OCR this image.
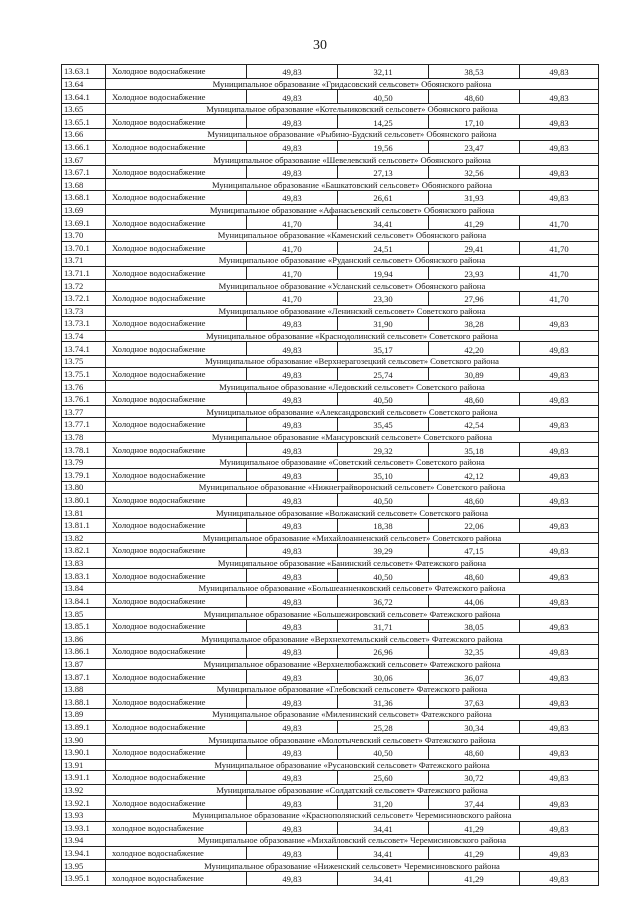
30
13.63.1	Холодное водоснабжение	49,83	32,11	38,53	49,83
13.64	Муниципальное образование «Гридасовский сельсовет» Обоянского района				
13.64.1	Холодное водоснабжение	49,83	40,50	48,60	49,83
13.65	Муниципальное образование «Котельниковский сельсовет» Обоянского района				
13.65.1	Холодное водоснабжение	49,83	14,25	17,10	49,83
13.66	Муниципальное образование «Рыбино-Будский сельсовет» Обоянского района				
13.66.1	Холодное водоснабжение	49,83	19,56	23,47	49,83
13.67	Муниципальное образование «Шевелевский сельсовет» Обоянского района				
13.67.1	Холодное водоснабжение	49,83	27,13	32,56	49,83
13.68	Муниципальное образование «Башкатовский сельсовет» Обоянского района				
13.68.1	Холодное водоснабжение	49,83	26,61	31,93	49,83
13.69	Муниципальное образование «Афанасьевский сельсовет» Обоянского района				
13.69.1	Холодное водоснабжение	41,70	34,41	41,29	41,70
13.70	Муниципальное образование «Каменский сельсовет» Обоянского района				
13.70.1	Холодное водоснабжение	41,70	24,51	29,41	41,70
13.71	Муниципальное образование «Руданский сельсовет» Обоянского района				
13.71.1	Холодное водоснабжение	41,70	19,94	23,93	41,70
13.72	Муниципальное образование «Усланский сельсовет» Обоянского района				
13.72.1	Холодное водоснабжение	41,70	23,30	27,96	41,70
13.73	Муниципальное образование «Ленинский сельсовет» Советского района				
13.73.1	Холодное водоснабжение	49,83	31,90	38,28	49,83
13.74	Муниципальное образование «Краснодолинский сельсовет» Советского района				
13.74.1	Холодное водоснабжение	49,83	35,17	42,20	49,83
13.75	Муниципальное образование «Верхнерагозецкий сельсовет» Советского района				
13.75.1	Холодное водоснабжение	49,83	25,74	30,89	49,83
13.76	Муниципальное образование «Ледовский сельсовет» Советского района				
13.76.1	Холодное водоснабжение	49,83	40,50	48,60	49,83
13.77	Муниципальное образование «Александровский сельсовет» Советского района				
13.77.1	Холодное водоснабжение	49,83	35,45	42,54	49,83
13.78	Муниципальное образование «Мансуровский сельсовет» Советского района				
13.78.1	Холодное водоснабжение	49,83	29,32	35,18	49,83
13.79	Муниципальное образование «Советский сельсовет» Советского района				
13.79.1	Холодное водоснабжение	49,83	35,10	42,12	49,83
13.80	Муниципальное образование «Нижнеграйворонский сельсовет» Советского района				
13.80.1	Холодное водоснабжение	49,83	40,50	48,60	49,83
13.81	Муниципальное образование «Волжанский сельсовет» Советского района				
13.81.1	Холодное водоснабжение	49,83	18,38	22,06	49,83
13.82	Муниципальное образование «Михайлоанненский сельсовет» Советского района				
13.82.1	Холодное водоснабжение	49,83	39,29	47,15	49,83
13.83	Муниципальное образование «Банинский сельсовет» Фатежского района				
13.83.1	Холодное водоснабжение	49,83	40,50	48,60	49,83
13.84	Муниципальное образование «Большеанненковский сельсовет» Фатежского района				
13.84.1	Холодное водоснабжение	49,83	36,72	44,06	49,83
13.85	Муниципальное образование «Большежировский сельсовет» Фатежского района				
13.85.1	Холодное водоснабжение	49,83	31,71	38,05	49,83
13.86	Муниципальное образование «Верхнехотемльский сельсовет» Фатежского района				
13.86.1	Холодное водоснабжение	49,83	26,96	32,35	49,83
13.87	Муниципальное образование «Верхнелюбажский сельсовет» Фатежского района				
13.87.1	Холодное водоснабжение	49,83	30,06	36,07	49,83
13.88	Муниципальное образование «Глебовский сельсовет» Фатежского района				
13.88.1	Холодное водоснабжение	49,83	31,36	37,63	49,83
13.89	Муниципальное образование «Миленинский сельсовет» Фатежского района				
13.89.1	Холодное водоснабжение	49,83	25,28	30,34	49,83
13.90	Муниципальное образование «Молотычевский сельсовет» Фатежского района				
13.90.1	Холодное водоснабжение	49,83	40,50	48,60	49,83
13.91	Муниципальное образование «Русановский сельсовет» Фатежского района				
13.91.1	Холодное водоснабжение	49,83	25,60	30,72	49,83
13.92	Муниципальное образование «Солдатский сельсовет» Фатежского района				
13.92.1	Холодное водоснабжение	49,83	31,20	37,44	49,83
13.93	Муниципальное образование «Краснополянский сельсовет» Черемисиновского района				
13.93.1	холодное водоснабжение	49,83	34,41	41,29	49,83
13.94	Муниципальное образование «Михайловский сельсовет» Черемисиновского района				
13.94.1	холодное водоснабжение	49,83	34,41	41,29	49,83
13.95	Муниципальное образование «Ниженский сельсовет» Черемисиновского района				
13.95.1	холодное водоснабжение	49,83	34,41	41,29	49,83
